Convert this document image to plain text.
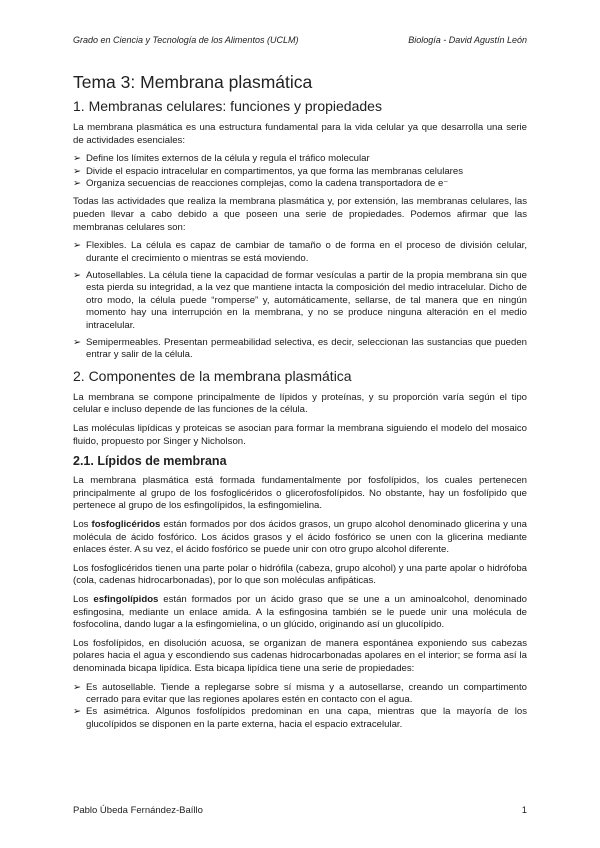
Grado en Ciencia y Tecnología de los Alimentos (UCLM)	Biología - David Agustín León
Tema 3: Membrana plasmática
1. Membranas celulares: funciones y propiedades

La membrana plasmática es una estructura fundamental para la vida celular ya que desarrolla una serie de actividades esenciales:

➢ Define los límites externos de la célula y regula el tráfico molecular
➢ Divide el espacio intracelular en compartimentos, ya que forma las membranas celulares
➢ Organiza secuencias de reacciones complejas, como la cadena transportadora de e⁻

Todas las actividades que realiza la membrana plasmática y, por extensión, las membranas celulares, las pueden llevar a cabo debido a que poseen una serie de propiedades. Podemos afirmar que las membranas celulares son:

➢ Flexibles. La célula es capaz de cambiar de tamaño o de forma en el proceso de división celular, durante el crecimiento o mientras se está moviendo.
➢ Autosellables. La célula tiene la capacidad de formar vesículas a partir de la propia membrana sin que esta pierda su integridad, a la vez que mantiene intacta la composición del medio intracelular. Dicho de otro modo, la célula puede “romperse” y, automáticamente, sellarse, de tal manera que en ningún momento hay una interrupción en la membrana, y no se produce ninguna alteración en el medio intracelular.
➢ Semipermeables. Presentan permeabilidad selectiva, es decir, seleccionan las sustancias que pueden entrar y salir de la célula.
2. Componentes de la membrana plasmática

La membrana se compone principalmente de lípidos y proteínas, y su proporción varía según el tipo celular e incluso depende de las funciones de la célula.

Las moléculas lipídicas y proteicas se asocian para formar la membrana siguiendo el modelo del mosaico fluido, propuesto por Singer y Nicholson.

2.1. Lípidos de membrana

La membrana plasmática está formada fundamentalmente por fosfolípidos, los cuales pertenecen principalmente al grupo de los fosfoglicéridos o glicerofosfolípidos. No obstante, hay un fosfolípido que pertenece al grupo de los esfingolípidos, la esfingomielina.

Los fosfoglicéridos están formados por dos ácidos grasos, un grupo alcohol denominado glicerina y una molécula de ácido fosfórico. Los ácidos grasos y el ácido fosfórico se unen con la glicerina mediante enlaces éster. A su vez, el ácido fosfórico se puede unir con otro grupo alcohol diferente.

Los fosfoglicéridos tienen una parte polar o hidrófila (cabeza, grupo alcohol) y una parte apolar o hidrófoba (cola, cadenas hidrocarbonadas), por lo que son moléculas anfipáticas.

Los esfingolípidos están formados por un ácido graso que se une a un aminoalcohol, denominado esfingosina, mediante un enlace amida. A la esfingosina también se le puede unir una molécula de fosfocolina, dando lugar a la esfingomielina, o un glúcido, originando así un glucolípido.

Los fosfolípidos, en disolución acuosa, se organizan de manera espontánea exponiendo sus cabezas polares hacia el agua y escondiendo sus cadenas hidrocarbonadas apolares en el interior; se forma así la denominada bicapa lipídica. Esta bicapa lipídica tiene una serie de propiedades:

➢ Es autosellable. Tiende a replegarse sobre sí misma y a autosellarse, creando un compartimento cerrado para evitar que las regiones apolares estén en contacto con el agua.
➢ Es asimétrica. Algunos fosfolípidos predominan en una capa, mientras que la mayoría de los glucolípidos se disponen en la parte externa, hacia el espacio extracelular.
Pablo Úbeda Fernández-Baíllo	1
